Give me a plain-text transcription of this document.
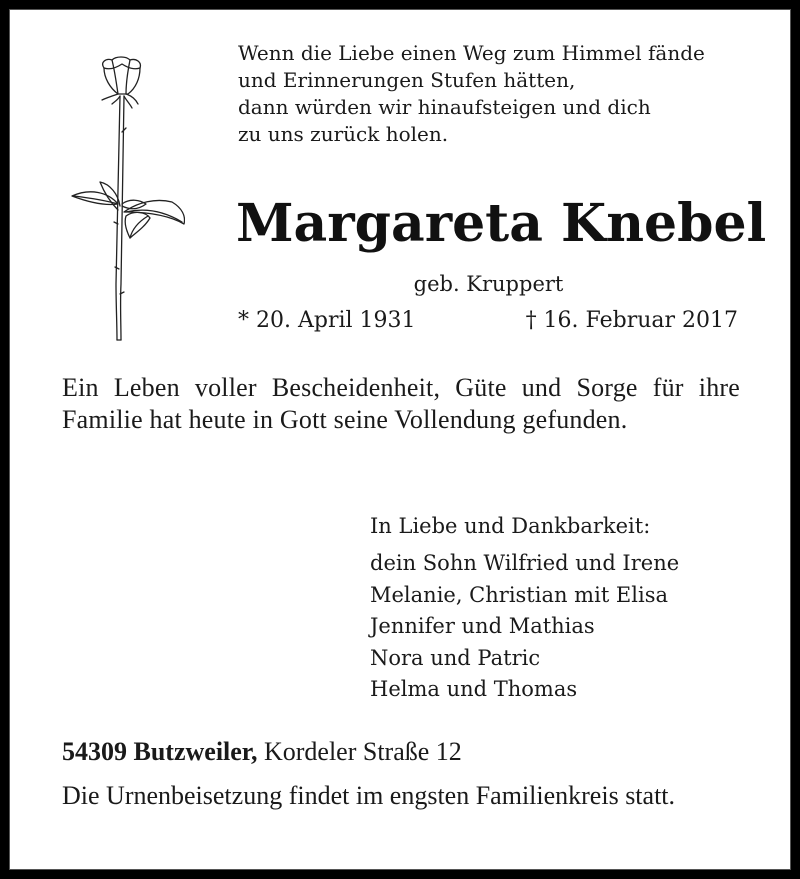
Wenn die Liebe einen Weg zum Himmel fände
und Erinnerungen Stufen hätten,
dann würden wir hinaufsteigen und dich
zu uns zurück holen.
Margareta Knebel
geb. Kruppert
* 20. April 1931	† 16. Februar 2017
Ein Leben voller Bescheidenheit, Güte und Sorge für ihre Familie hat heute in Gott seine Vollendung gefunden.
In Liebe und Dankbarkeit:
dein Sohn Wilfried und Irene
Melanie, Christian mit Elisa
Jennifer und Mathias
Nora und Patric
Helma und Thomas
54309 Butzweiler, Kordeler Straße 12
Die Urnenbeisetzung findet im engsten Familienkreis statt.
